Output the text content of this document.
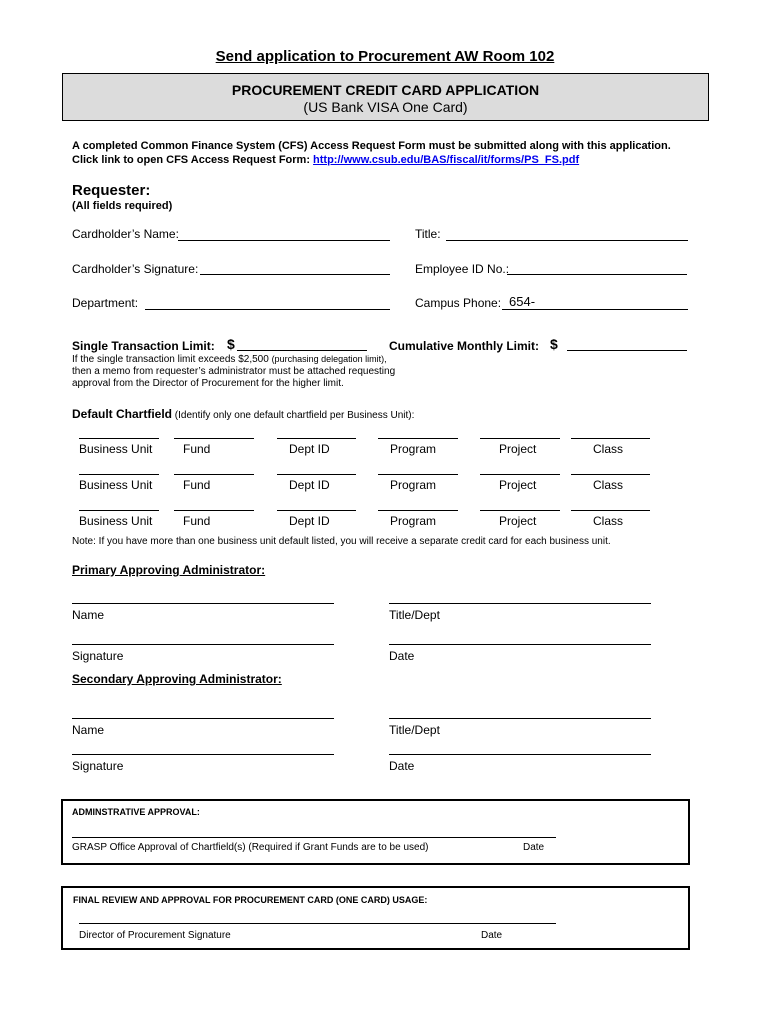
Send application to Procurement AW Room 102
PROCUREMENT CREDIT CARD APPLICATION
(US Bank VISA One Card)
A completed Common Finance System (CFS) Access Request Form must be submitted along with this application.
Click link to open CFS Access Request Form: http://www.csub.edu/BAS/fiscal/it/forms/PS_FS.pdf
Requester:
(All fields required)
Cardholder’s Name:	Title:
Cardholder’s Signature:	Employee ID No.:
Department:	Campus Phone: 654-
Single Transaction Limit: $	Cumulative Monthly Limit: $
If the single transaction limit exceeds $2,500 (purchasing delegation limit),
then a memo from requester’s administrator must be attached requesting
approval from the Director of Procurement for the higher limit.
Default Chartfield (Identify only one default chartfield per Business Unit):
Business Unit	Fund	Dept ID	Program	Project	Class
Business Unit	Fund	Dept ID	Program	Project	Class
Business Unit	Fund	Dept ID	Program	Project	Class
Note: If you have more than one business unit default listed, you will receive a separate credit card for each business unit.
Primary Approving Administrator:
Name	Title/Dept
Signature	Date
Secondary Approving Administrator:
Name	Title/Dept
Signature	Date
ADMINSTRATIVE APPROVAL:
GRASP Office Approval of Chartfield(s) (Required if Grant Funds are to be used)	Date
FINAL REVIEW AND APPROVAL FOR PROCUREMENT CARD (ONE CARD) USAGE:
Director of Procurement Signature	Date
